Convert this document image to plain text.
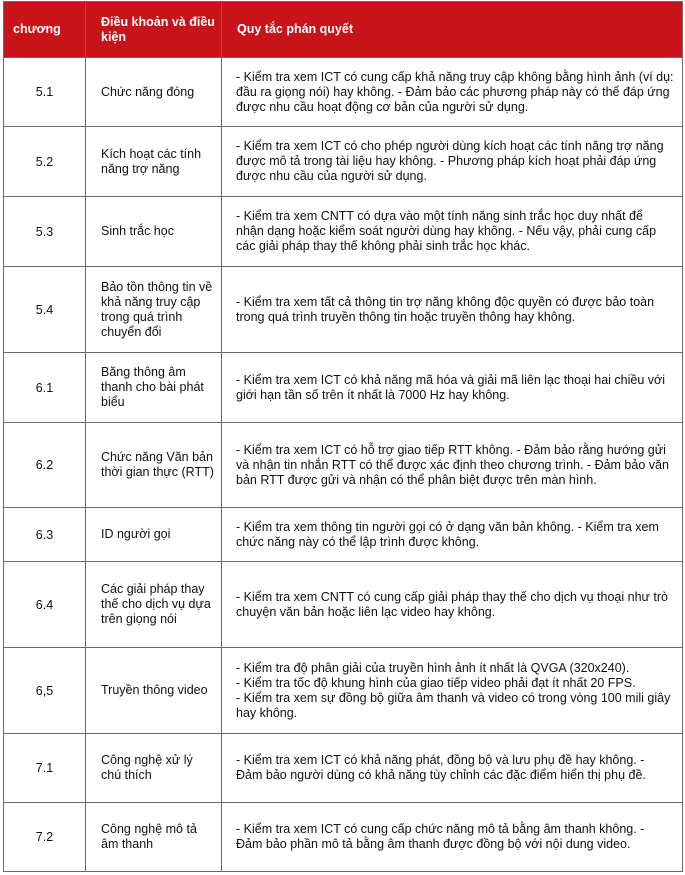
chương	Điều khoản và điều kiện	Quy tắc phán quyết
5.1	Chức năng đóng	- Kiểm tra xem ICT có cung cấp khả năng truy cập không bằng hình ảnh (ví dụ: đầu ra giọng nói) hay không. - Đảm bảo các phương pháp này có thể đáp ứng được nhu cầu hoạt động cơ bản của người sử dụng.
5.2	Kích hoạt các tính năng trợ năng	- Kiểm tra xem ICT có cho phép người dùng kích hoạt các tính năng trợ năng được mô tả trong tài liệu hay không. - Phương pháp kích hoạt phải đáp ứng được nhu cầu của người sử dụng.
5.3	Sinh trắc học	- Kiểm tra xem CNTT có dựa vào một tính năng sinh trắc học duy nhất để nhận dạng hoặc kiểm soát người dùng hay không. - Nếu vậy, phải cung cấp các giải pháp thay thế không phải sinh trắc học khác.
5.4	Bảo tồn thông tin về khả năng truy cập trong quá trình chuyển đổi	- Kiểm tra xem tất cả thông tin trợ năng không độc quyền có được bảo toàn trong quá trình truyền thông tin hoặc truyền thông hay không.
6.1	Băng thông âm thanh cho bài phát biểu	- Kiểm tra xem ICT có khả năng mã hóa và giải mã liên lạc thoại hai chiều với giới hạn tần số trên ít nhất là 7000 Hz hay không.
6.2	Chức năng Văn bản thời gian thực (RTT)	- Kiểm tra xem ICT có hỗ trợ giao tiếp RTT không. - Đảm bảo rằng hướng gửi và nhận tin nhắn RTT có thể được xác định theo chương trình. - Đảm bảo văn bản RTT được gửi và nhận có thể phân biệt được trên màn hình.
6.3	ID người gọi	- Kiểm tra xem thông tin người gọi có ở dạng văn bản không. - Kiểm tra xem chức năng này có thể lập trình được không.
6.4	Các giải pháp thay thế cho dịch vụ dựa trên giọng nói	- Kiểm tra xem CNTT có cung cấp giải pháp thay thế cho dịch vụ thoại như trò chuyện văn bản hoặc liên lạc video hay không.
6,5	Truyền thông video	- Kiểm tra độ phân giải của truyền hình ảnh ít nhất là QVGA (320x240).
- Kiểm tra tốc độ khung hình của giao tiếp video phải đạt ít nhất 20 FPS.
- Kiểm tra xem sự đồng bộ giữa âm thanh và video có trong vòng 100 mili giây hay không.

7.1	Công nghệ xử lý chú thích	- Kiểm tra xem ICT có khả năng phát, đồng bộ và lưu phụ đề hay không. - Đảm bảo người dùng có khả năng tùy chỉnh các đặc điểm hiển thị phụ đề.
7.2	Công nghệ mô tả âm thanh	- Kiểm tra xem ICT có cung cấp chức năng mô tả bằng âm thanh không. - Đảm bảo phần mô tả bằng âm thanh được đồng bộ với nội dung video.
